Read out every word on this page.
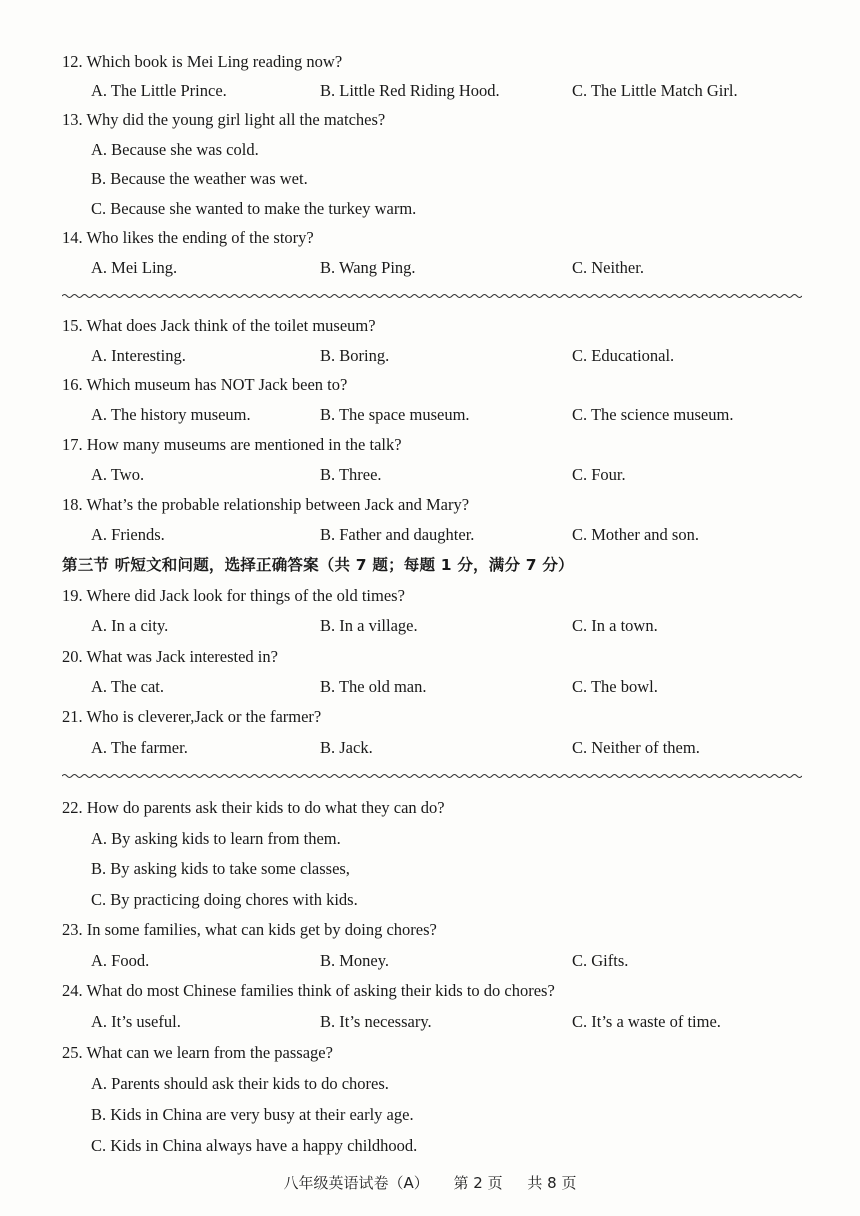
12. Which book is Mei Ling reading now?
A. The Little Prince.	B. Little Red Riding Hood.	C. The Little Match Girl.
13. Why did the young girl light all the matches?
A. Because she was cold.
B. Because the weather was wet.
C. Because she wanted to make the turkey warm.
14. Who likes the ending of the story?
A. Mei Ling.	B. Wang Ping.	C. Neither.
15. What does Jack think of the toilet museum?
A. Interesting.	B. Boring.	C. Educational.
16. Which museum has NOT Jack been to?
A. The history museum.	B. The space museum.	C. The science museum.
17. How many museums are mentioned in the talk?
A. Two.	B. Three.	C. Four.
18. What’s the probable relationship between Jack and Mary?
A. Friends.	B. Father and daughter.	C. Mother and son.
第三节 听短文和问题，选择正确答案（共 7 题；每题 1 分，满分 7 分）
19. Where did Jack look for things of the old times?
A. In a city.	B. In a village.	C. In a town.
20. What was Jack interested in?
A. The cat.	B. The old man.	C. The bowl.
21. Who is cleverer,Jack or the farmer?
A. The farmer.	B. Jack.	C. Neither of them.
22. How do parents ask their kids to do what they can do?
A. By asking kids to learn from them.
B. By asking kids to take some classes,
C. By practicing doing chores with kids.
23. In some families, what can kids get by doing chores?
A. Food.	B. Money.	C. Gifts.
24. What do most Chinese families think of asking their kids to do chores?
A. It’s useful.	B. It’s necessary.	C. It’s a waste of time.
25. What can we learn from the passage?
A. Parents should ask their kids to do chores.
B. Kids in China are very busy at their early age.
C. Kids in China always have a happy childhood.
八年级英语试卷（A） 第 2 页 共 8 页
